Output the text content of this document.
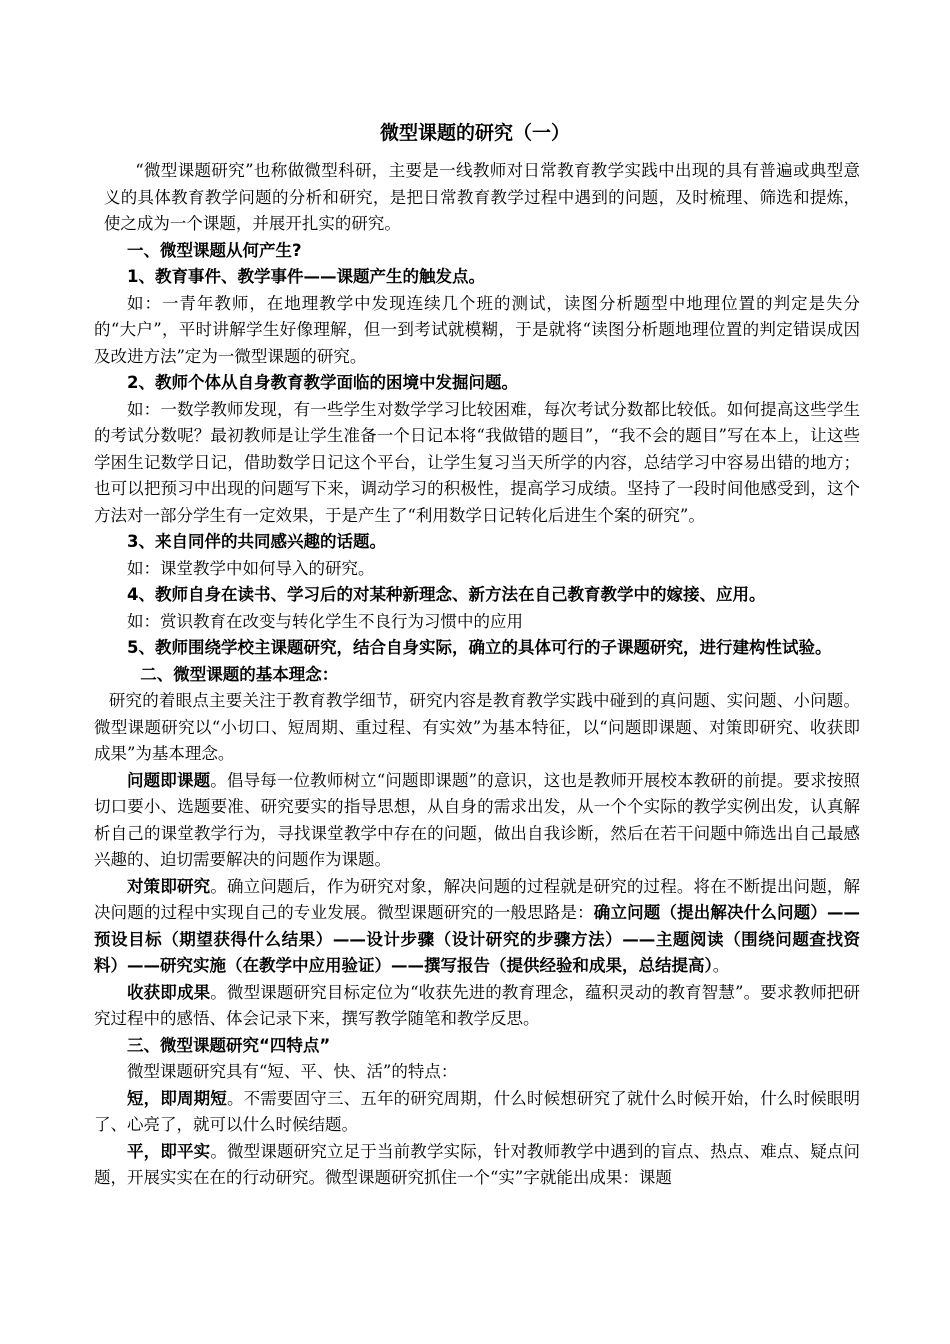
微型课题的研究（一）

“微型课题研究”也称做微型科研，主要是一线教师对日常教育教学实践中出现的具有普遍或典型意义的具体教育教学问题的分析和研究，是把日常教育教学过程中遇到的问题，及时梳理、筛选和提炼，使之成为一个课题，并展开扎实的研究。

一、微型课题从何产生?

1、教育事件、教学事件——课题产生的触发点。

如：一青年教师，在地理教学中发现连续几个班的测试，读图分析题型中地理位置的判定是失分的“大户”，平时讲解学生好像理解，但一到考试就模糊，于是就将“读图分析题地理位置的判定错误成因及改进方法”定为一微型课题的研究。

2、教师个体从自身教育教学面临的困境中发掘问题。

如：一数学教师发现，有一些学生对数学学习比较困难，每次考试分数都比较低。如何提高这些学生的考试分数呢？最初教师是让学生准备一个日记本将“我做错的题目”，“我不会的题目”写在本上，让这些学困生记数学日记，借助数学日记这个平台，让学生复习当天所学的内容，总结学习中容易出错的地方；也可以把预习中出现的问题写下来，调动学习的积极性，提高学习成绩。坚持了一段时间他感受到，这个方法对一部分学生有一定效果，于是产生了“利用数学日记转化后进生个案的研究”。

3、来自同伴的共同感兴趣的话题。

如：课堂教学中如何导入的研究。

4、教师自身在读书、学习后的对某种新理念、新方法在自己教育教学中的嫁接、应用。

如：赏识教育在改变与转化学生不良行为习惯中的应用

5、教师围绕学校主课题研究，结合自身实际，确立的具体可行的子课题研究，进行建构性试验。

二、微型课题的基本理念：

研究的着眼点主要关注于教育教学细节，研究内容是教育教学实践中碰到的真问题、实问题、小问题。微型课题研究以“小切口、短周期、重过程、有实效”为基本特征，以“问题即课题、对策即研究、收获即成果”为基本理念。

问题即课题。倡导每一位教师树立“问题即课题”的意识，这也是教师开展校本教研的前提。要求按照切口要小、选题要准、研究要实的指导思想，从自身的需求出发，从一个个实际的教学实例出发，认真解析自己的课堂教学行为，寻找课堂教学中存在的问题，做出自我诊断，然后在若干问题中筛选出自己最感兴趣的、迫切需要解决的问题作为课题。

对策即研究。确立问题后，作为研究对象，解决问题的过程就是研究的过程。将在不断提出问题，解决问题的过程中实现自己的专业发展。微型课题研究的一般思路是：确立问题（提出解决什么问题）——预设目标（期望获得什么结果）——设计步骤（设计研究的步骤方法）——主题阅读（围绕问题查找资料）——研究实施（在教学中应用验证）——撰写报告（提供经验和成果，总结提高）。

收获即成果。微型课题研究目标定位为“收获先进的教育理念，蕴积灵动的教育智慧”。要求教师把研究过程中的感悟、体会记录下来，撰写教学随笔和教学反思。

三、微型课题研究“四特点”

微型课题研究具有“短、平、快、活”的特点：

短，即周期短。不需要固守三、五年的研究周期，什么时候想研究了就什么时候开始，什么时候眼明了、心亮了，就可以什么时候结题。

平，即平实。微型课题研究立足于当前教学实际，针对教师教学中遇到的盲点、热点、难点、疑点问题，开展实实在在的行动研究。微型课题研究抓住一个“实”字就能出成果：课题
